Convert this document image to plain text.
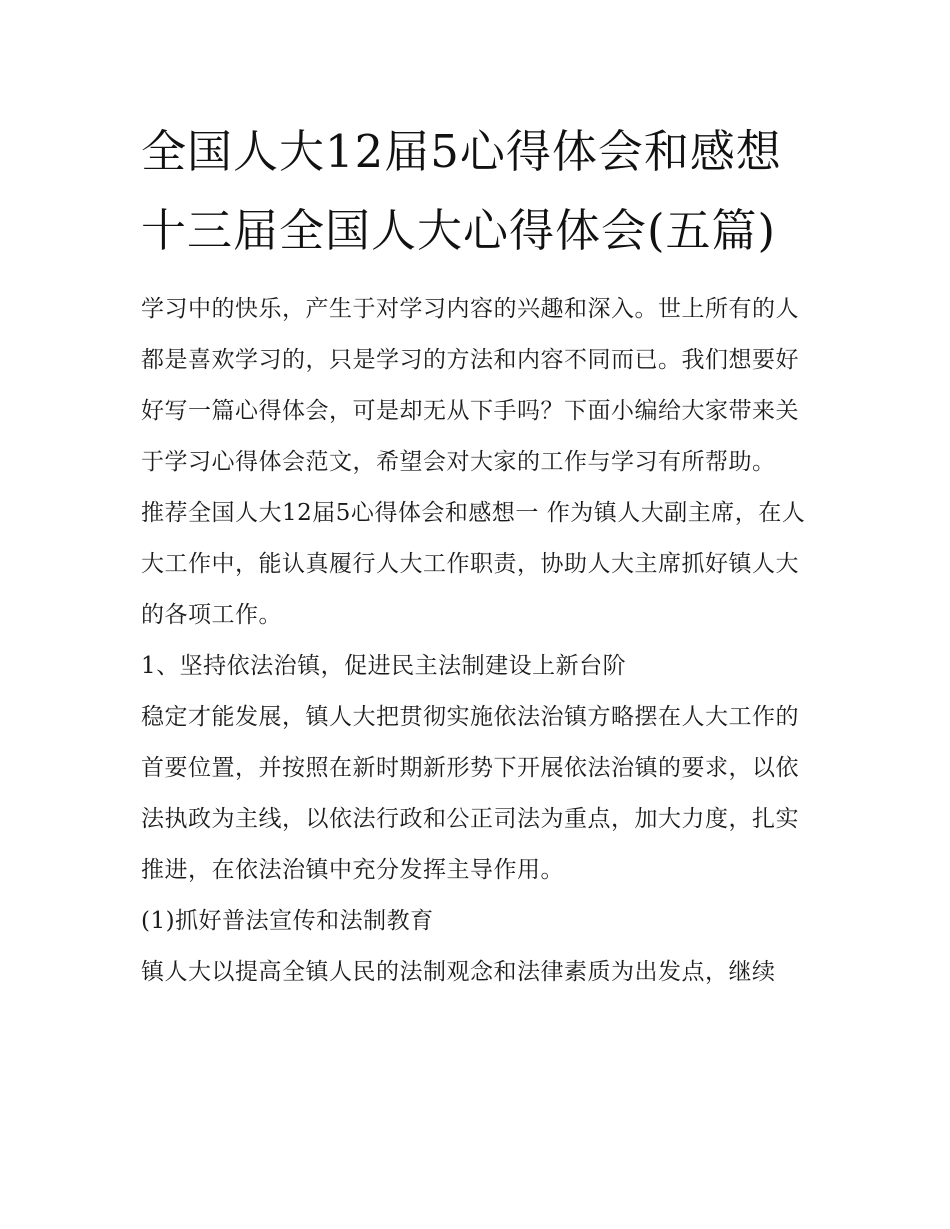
全国人大12届5心得体会和感想 十三届全国人大心得体会(五篇)

学习中的快乐，产生于对学习内容的兴趣和深入。世上所有的人都是喜欢学习的，只是学习的方法和内容不同而已。我们想要好好写一篇心得体会，可是却无从下手吗？下面小编给大家带来关于学习心得体会范文，希望会对大家的工作与学习有所帮助。

推荐全国人大12届5心得体会和感想一 作为镇人大副主席，在人大工作中，能认真履行人大工作职责，协助人大主席抓好镇人大的各项工作。

1、坚持依法治镇，促进民主法制建设上新台阶

稳定才能发展，镇人大把贯彻实施依法治镇方略摆在人大工作的首要位置，并按照在新时期新形势下开展依法治镇的要求，以依法执政为主线，以依法行政和公正司法为重点，加大力度，扎实推进，在依法治镇中充分发挥主导作用。

(1)抓好普法宣传和法制教育

镇人大以提高全镇人民的法制观念和法律素质为出发点，继续
